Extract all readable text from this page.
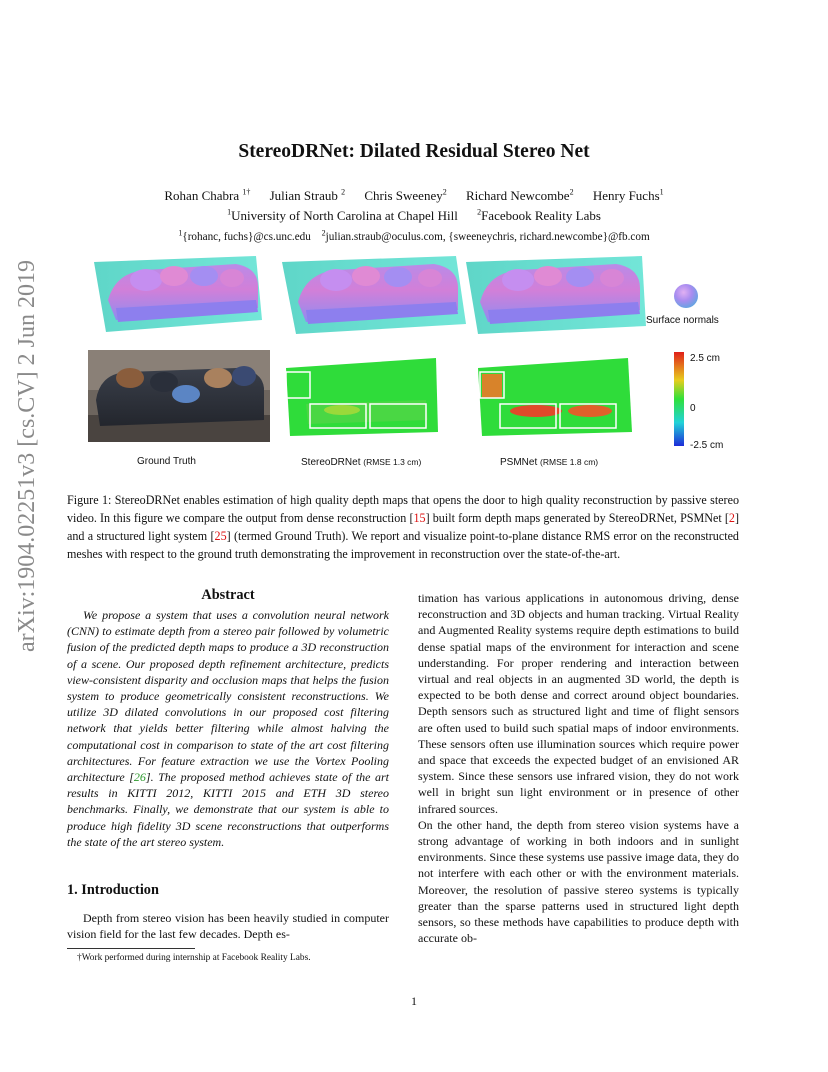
arXiv:1904.02251v3 [cs.CV] 2 Jun 2019
StereoDRNet: Dilated Residual Stereo Net
Rohan Chabra $^{1\dagger}$ Julian Straub $^2$ Chris Sweeney$^2$ Richard Newcombe$^2$ Henry Fuchs$^1$
$^1$University of North Carolina at Chapel Hill $^2$Facebook Reality Labs
$^1${rohanc, fuchs}@cs.unc.edu $^2$julian.straub@oculus.com, {sweeneychris, richard.newcombe}@fb.com
Surface normals
2.5 cm
0
-2.5 cm
Ground Truth	StereoDRNet (RMSE 1.3 cm)	PSMNet (RMSE 1.8 cm)
Figure 1: StereoDRNet enables estimation of high quality depth maps that opens the door to high quality reconstruction by passive stereo video. In this figure we compare the output from dense reconstruction [15] built form depth maps generated by StereoDRNet, PSMNet [2] and a structured light system [25] (termed Ground Truth). We report and visualize point-to-plane distance RMS error on the reconstructed meshes with respect to the ground truth demonstrating the improvement in reconstruction over the state-of-the-art.
Abstract
We propose a system that uses a convolution neural network (CNN) to estimate depth from a stereo pair followed by volumetric fusion of the predicted depth maps to produce a 3D reconstruction of a scene. Our proposed depth refinement architecture, predicts view-consistent disparity and occlusion maps that helps the fusion system to produce geometrically consistent reconstructions. We utilize 3D dilated convolutions in our proposed cost filtering network that yields better filtering while almost halving the computational cost in comparison to state of the art cost filtering architectures. For feature extraction we use the Vortex Pooling architecture [26]. The proposed method achieves state of the art results in KITTI 2012, KITTI 2015 and ETH 3D stereo benchmarks. Finally, we demonstrate that our system is able to produce high fidelity 3D scene reconstructions that outperforms the state of the art stereo system.
1. Introduction
Depth from stereo vision has been heavily studied in computer vision field for the last few decades. Depth es-
†Work performed during internship at Facebook Reality Labs.

timation has various applications in autonomous driving, dense reconstruction and 3D objects and human tracking. Virtual Reality and Augmented Reality systems require depth estimations to build dense spatial maps of the environment for interaction and scene understanding. For proper rendering and interaction between virtual and real objects in an augmented 3D world, the depth is expected to be both dense and correct around object boundaries. Depth sensors such as structured light and time of flight sensors are often used to build such spatial maps of indoor environments. These sensors often use illumination sources which require power and space that exceeds the expected budget of an envisioned AR system. Since these sensors use infrared vision, they do not work well in bright sun light environment or in presence of other infrared sources.

On the other hand, the depth from stereo vision systems have a strong advantage of working in both indoors and in sunlight environments. Since these systems use passive image data, they do not interfere with each other or with the environment materials. Moreover, the resolution of passive stereo systems is typically greater than the sparse patterns used in structured light depth sensors, so these methods have capabilities to produce depth with accurate ob-

1
